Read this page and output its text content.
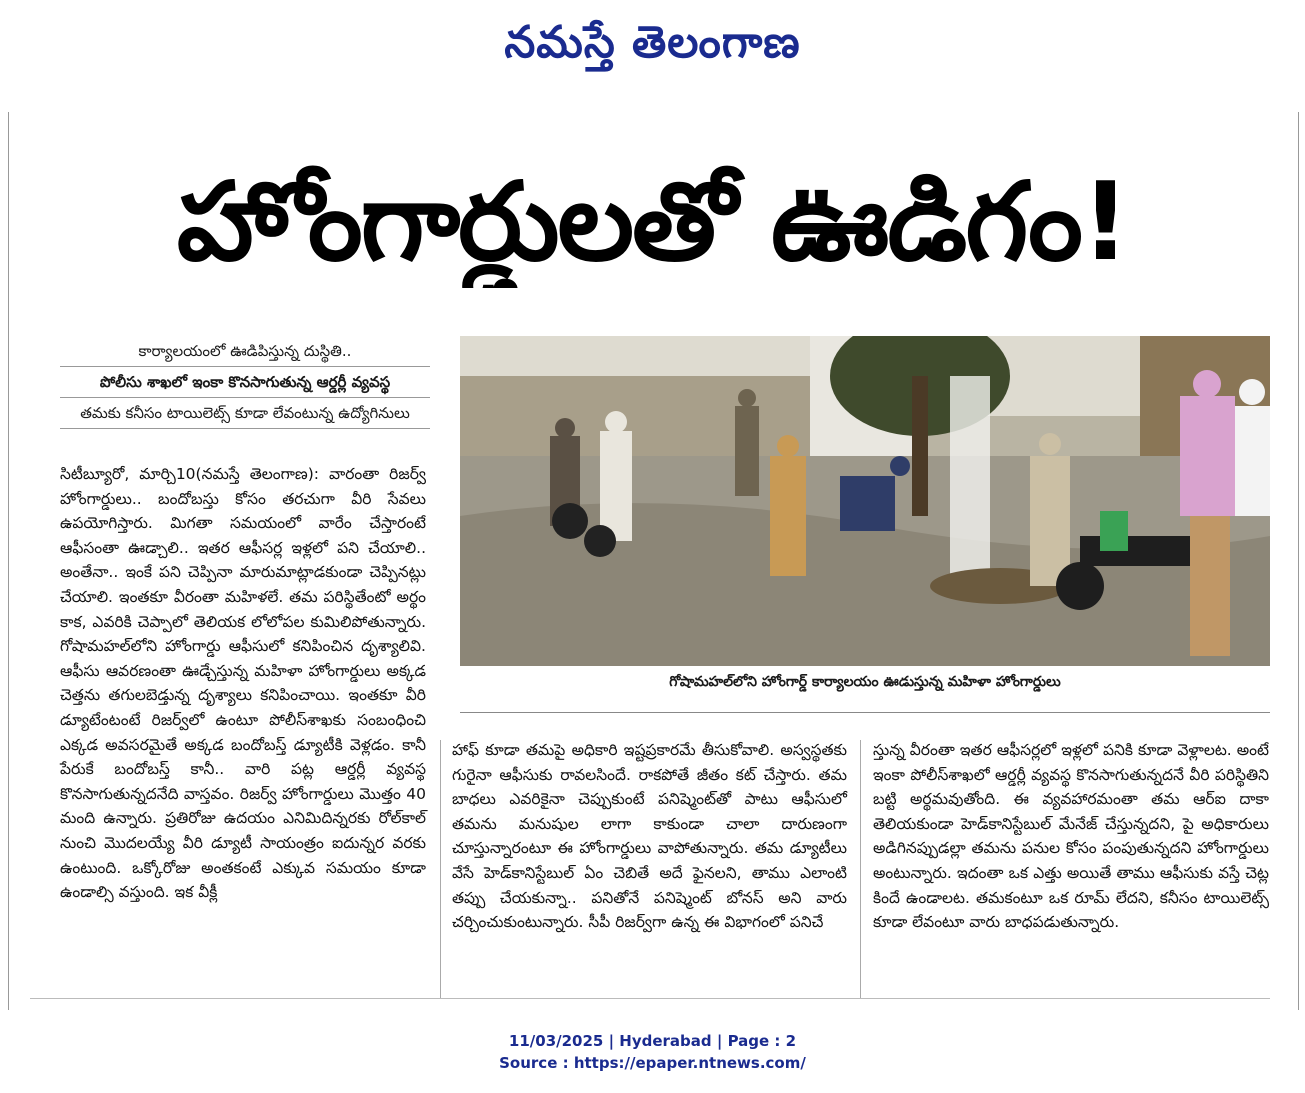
నమస్తే తెలంగాణ
హోంగార్డులతో ఊడిగం!
కార్యాలయంలో ఊడిపిస్తున్న దుస్థితి..
పోలీసు శాఖలో ఇంకా కొనసాగుతున్న ఆర్డర్లీ వ్యవస్థ
తమకు కనీసం టాయిలెట్స్ కూడా లేవంటున్న ఉద్యోగినులు
గోషామహల్‌లోని హోంగార్డ్ కార్యాలయం ఊడుస్తున్న మహిళా హోంగార్డులు

సిటీబ్యూరో, మార్చి10(నమస్తే తెలంగాణ): వారంతా రిజర్వ్ హోంగార్డులు.. బందోబస్తు కోసం తరచుగా వీరి సేవలు ఉపయోగిస్తారు. మిగతా సమయంలో వారేం చేస్తారంటే ఆఫీసంతా ఊడ్చాలి.. ఇతర ఆఫీసర్ల ఇళ్లలో పని చేయాలి.. అంతేనా.. ఇంకే పని చెప్పినా మారుమాట్లాడకుండా చెప్పినట్లు చేయాలి. ఇంతకూ వీరంతా మహిళలే. తమ పరిస్థితేంటో అర్థం కాక, ఎవరికి చెప్పాలో తెలియక లోలోపల కుమిలిపోతున్నారు. గోషామహల్‌లోని హోంగార్డు ఆఫీసులో కనిపించిన దృశ్యాలివి. ఆఫీసు ఆవరణంతా ఊడ్చేస్తున్న మహిళా హోంగార్డులు అక్కడ చెత్తను తగులబెడ్తున్న దృశ్యాలు కనిపించాయి. ఇంతకూ వీరి డ్యూటేంటంటే రిజర్వ్‌లో ఉంటూ పోలీస్‌శాఖకు సంబంధించి ఎక్కడ అవసరమైతే అక్కడ బందోబస్త్ డ్యూటీకి వెళ్లడం. కానీ పేరుకే బందోబస్త్ కానీ.. వారి పట్ల ఆర్డర్లీ వ్యవస్థ కొనసాగుతున్నదనేది వాస్తవం. రిజర్వ్ హోంగార్డులు మొత్తం 40 మంది ఉన్నారు. ప్రతిరోజు ఉదయం ఎనిమిదిన్నరకు రోల్‌కాల్ నుంచి మొదలయ్యే వీరి డ్యూటీ సాయంత్రం ఐదున్నర వరకు ఉంటుంది. ఒక్కోరోజు అంతకంటే ఎక్కువ సమయం కూడా ఉండాల్సి వస్తుంది. ఇక వీక్లీ

హాఫ్ కూడా తమపై అధికారి ఇష్టప్రకారమే తీసుకోవాలి. అస్వస్థతకు గురైనా ఆఫీసుకు రావలసిందే. రాకపోతే జీతం కట్ చేస్తారు. తమ బాధలు ఎవరికైనా చెప్పుకుంటే పనిష్మెంట్‌తో పాటు ఆఫీసులో తమను మనుషుల లాగా కాకుండా చాలా దారుణంగా చూస్తున్నారంటూ ఈ హోంగార్డులు వాపోతున్నారు. తమ డ్యూటీలు వేసే హెడ్‌కానిస్టేబుల్ ఏం చెబితే అదే ఫైనలని, తాము ఎలాంటి తప్పు చేయకున్నా.. పనితోనే పనిష్మెంట్ బోనస్ అని వారు చర్చించుకుంటున్నారు. సీపీ రిజర్వ్‌గా ఉన్న ఈ విభాగంలో పనిచే

స్తున్న వీరంతా ఇతర ఆఫీసర్లలో ఇళ్లలో పనికి కూడా వెళ్లాలట. అంటే ఇంకా పోలీస్‌శాఖలో ఆర్డర్లీ వ్యవస్థ కొనసాగుతున్నదనే వీరి పరిస్థితిని బట్టి అర్థమవుతోంది. ఈ వ్యవహారమంతా తమ ఆర్ఐ దాకా తెలియకుండా హెడ్‌కానిస్టేబుల్ మేనేజ్ చేస్తున్నదని, పై అధికారులు అడిగినప్పుడల్లా తమను పనుల కోసం పంపుతున్నదని హోంగార్డులు అంటున్నారు. ఇదంతా ఒక ఎత్తు అయితే తాము ఆఫీసుకు వస్తే చెట్ల కిందే ఉండాలట. తమకంటూ ఒక రూమ్ లేదని, కనీసం టాయిలెట్స్ కూడా లేవంటూ వారు బాధపడుతున్నారు.

11/03/2025 | Hyderabad | Page : 2
Source : https://epaper.ntnews.com/
